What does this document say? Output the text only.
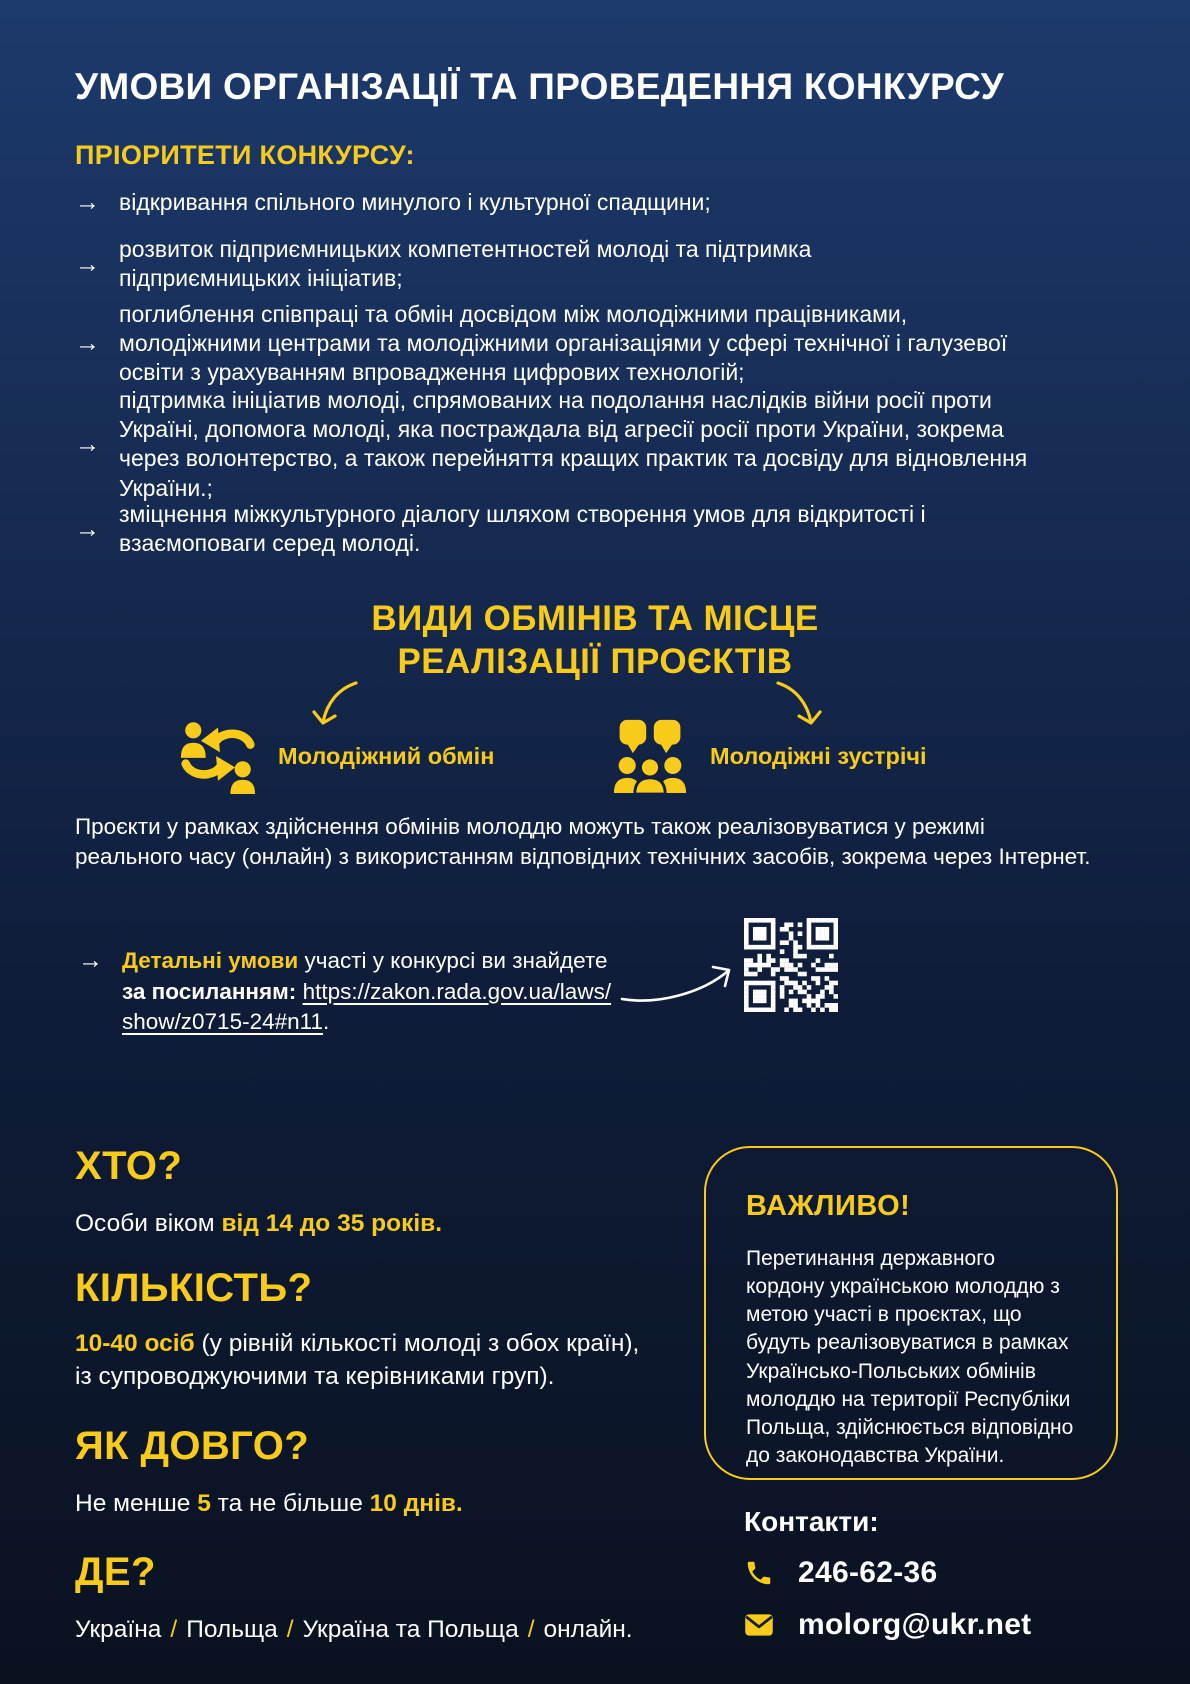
УМОВИ ОРГАНІЗАЦІЇ ТА ПРОВЕДЕННЯ КОНКУРСУ
ПРІОРИТЕТИ КОНКУРСУ:
→ відкривання спільного минулого і культурної спадщини;
→
розвиток підприємницьких компетентностей молоді та підтримка підприємницьких ініціатив;
→
поглиблення співпраці та обмін досвідом між молодіжними працівниками, молодіжними центрами та молодіжними організаціями у сфері технічної і галузевої освіти з урахуванням впровадження цифрових технологій;
→
підтримка ініціатив молоді, спрямованих на подолання наслідків війни росії проти Україні, допомога молоді, яка постраждала від агресії росії проти України, зокрема через волонтерство, а також перейняття кращих практик та досвіду для відновлення України.;
→
зміцнення міжкультурного діалогу шляхом створення умов для відкритості і взаємоповаги серед молоді.
ВИДИ ОБМІНІВ ТА МІСЦЕ
РЕАЛІЗАЦІЇ ПРОЄКТІВ
Молодіжний обмін	Молодіжні зустрічі

Проєкти у рамках здійснення обмінів молоддю можуть також реалізовуватися у режимі реального часу (онлайн) з використанням відповідних технічних засобів, зокрема через Інтернет.

→ Детальні умови участі у конкурсі ви знайдете
за посиланням: https://zakon.rada.gov.ua/laws/
show/z0715-24#n11.
ХТО?

Особи віком від 14 до 35 років.

КІЛЬКІСТЬ?

10-40 осіб (у рівній кількості молоді з обох країн), із супроводжуючими та керівниками груп).

ЯК ДОВГО?

Не менше 5 та не більше 10 днів.

ДЕ?

Україна / Польща / Україна та Польща / онлайн.

ВАЖЛИВО!
Перетинання державного кордону українською молоддю з метою участі в проєктах, що будуть реалізовуватися в рамках Українсько-Польських обмінів молоддю на території Республіки Польща, здійснюється відповідно до законодавства України.
Контакти:
246-62-36
molorg@ukr.net
